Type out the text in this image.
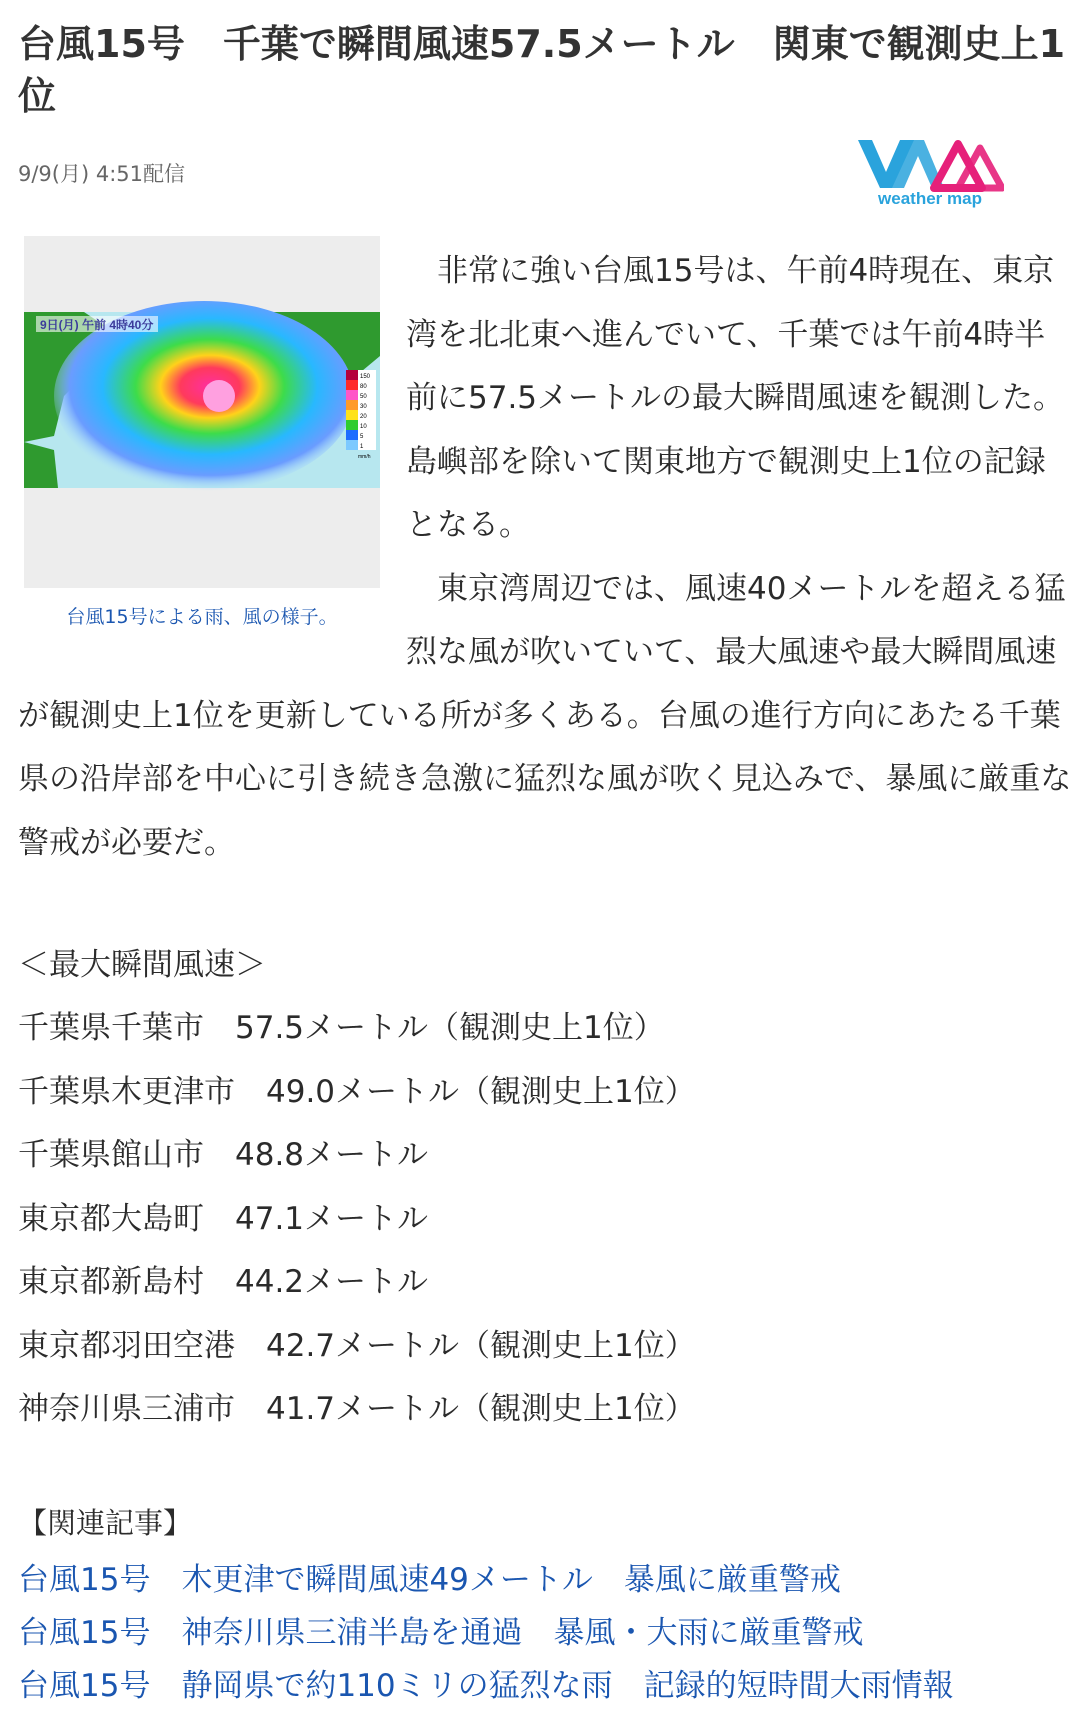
台風15号　千葉で瞬間風速57.5メートル　関東で観測史上1位
9/9(月) 4:51配信
weather map
9日(月) 午前 4時40分
150
80
50
30
20
10
5
1
mm/h
台風15号による雨、風の様子。

　非常に強い台風15号は、午前4時現在、東京湾を北北東へ進んでいて、千葉では午前4時半前に57.5メートルの最大瞬間風速を観測した。島嶼部を除いて関東地方で観測史上1位の記録となる。

　東京湾周辺では、風速40メートルを超える猛烈な風が吹いていて、最大風速や最大瞬間風速が観測史上1位を更新している所が多くある。台風の進行方向にあたる千葉県の沿岸部を中心に引き続き急激に猛烈な風が吹く見込みで、暴風に厳重な警戒が必要だ。

＜最大瞬間風速＞
千葉県千葉市　57.5メートル（観測史上1位）
千葉県木更津市　49.0メートル（観測史上1位）
千葉県館山市　48.8メートル
東京都大島町　47.1メートル
東京都新島村　44.2メートル
東京都羽田空港　42.7メートル（観測史上1位）
神奈川県三浦市　41.7メートル（観測史上1位）
【関連記事】
台風15号　木更津で瞬間風速49メートル　暴風に厳重警戒
台風15号　神奈川県三浦半島を通過　暴風・大雨に厳重警戒
台風15号　静岡県で約110ミリの猛烈な雨　記録的短時間大雨情報
